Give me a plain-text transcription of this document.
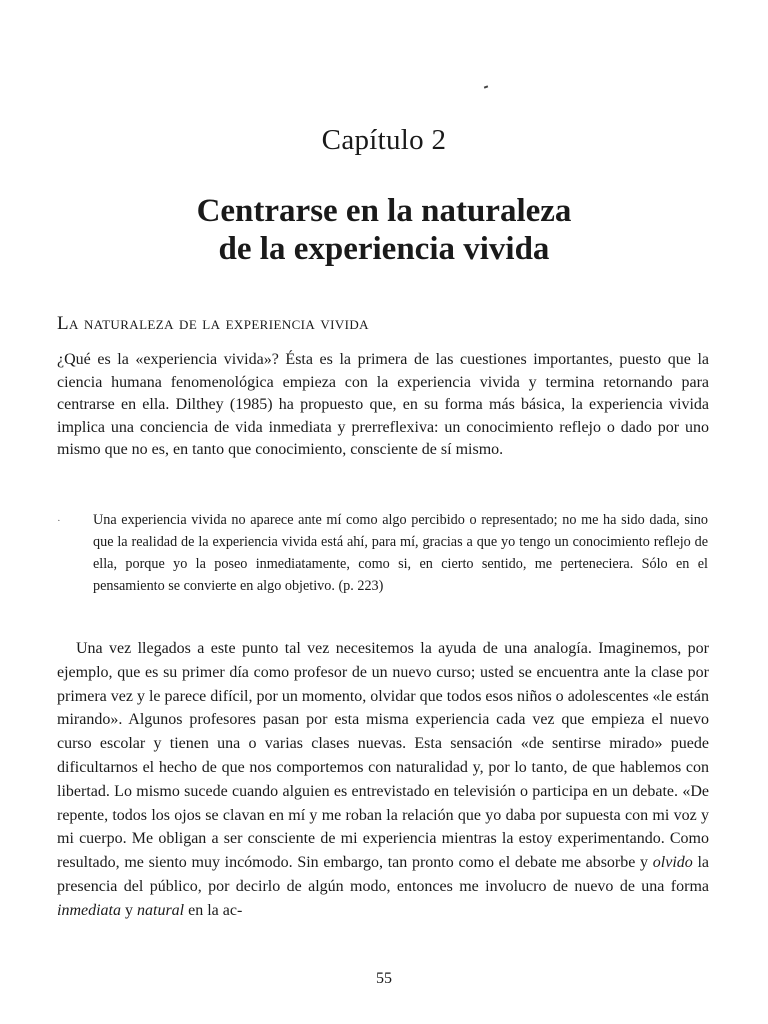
Capítulo 2
Centrarse en la naturaleza
de la experiencia vivida
La naturaleza de la experiencia vivida
¿Qué es la «experiencia vivida»? Ésta es la primera de las cuestiones importantes, puesto que la ciencia humana fenomenológica empieza con la experiencia vivida y termina retornando para centrarse en ella. Dilthey (1985) ha propuesto que, en su forma más básica, la experiencia vivida implica una conciencia de vida inmediata y prerreflexiva: un conocimiento reflejo o dado por uno mismo que no es, en tanto que conocimiento, consciente de sí mismo.
· Una experiencia vivida no aparece ante mí como algo percibido o representado; no me ha sido dada, sino que la realidad de la experiencia vivida está ahí, para mí, gracias a que yo tengo un conocimiento reflejo de ella, porque yo la poseo inmediatamente, como si, en cierto sentido, me perteneciera. Sólo en el pensamiento se convierte en algo objetivo. (p. 223)
Una vez llegados a este punto tal vez necesitemos la ayuda de una analogía. Imaginemos, por ejemplo, que es su primer día como profesor de un nuevo curso; usted se encuentra ante la clase por primera vez y le parece difícil, por un momento, olvidar que todos esos niños o adolescentes «le están mirando». Algunos profesores pasan por esta misma experiencia cada vez que empieza el nuevo curso escolar y tienen una o varias clases nuevas. Esta sensación «de sentirse mirado» puede dificultarnos el hecho de que nos comportemos con naturalidad y, por lo tanto, de que hablemos con libertad. Lo mismo sucede cuando alguien es entrevistado en televisión o participa en un debate. «De repente, todos los ojos se clavan en mí y me roban la relación que yo daba por supuesta con mi voz y mi cuerpo. Me obligan a ser consciente de mi experiencia mientras la estoy experimentando. Como resultado, me siento muy incómodo. Sin embargo, tan pronto como el debate me absorbe y olvido la presencia del público, por decirlo de algún modo, entonces me involucro de nuevo de una forma inmediata y natural en la ac-
55
